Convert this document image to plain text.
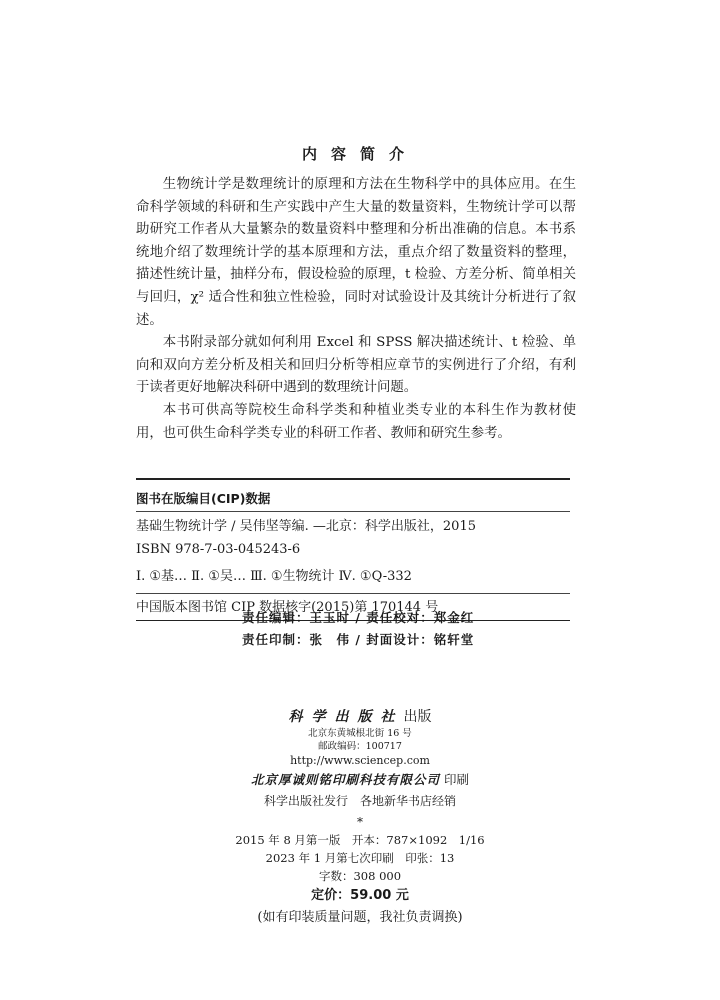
内容简介

生物统计学是数理统计的原理和方法在生物科学中的具体应用。在生命科学领域的科研和生产实践中产生大量的数量资料，生物统计学可以帮助研究工作者从大量繁杂的数量资料中整理和分析出准确的信息。本书系统地介绍了数理统计学的基本原理和方法，重点介绍了数量资料的整理，描述性统计量，抽样分布，假设检验的原理，t 检验、方差分析、简单相关与回归，χ² 适合性和独立性检验，同时对试验设计及其统计分析进行了叙述。

本书附录部分就如何利用 Excel 和 SPSS 解决描述统计、t 检验、单向和双向方差分析及相关和回归分析等相应章节的实例进行了介绍，有利于读者更好地解决科研中遇到的数理统计问题。

本书可供高等院校生命科学类和种植业类专业的本科生作为教材使用，也可供生命科学类专业的科研工作者、教师和研究生参考。

图书在版编目(CIP)数据
基础生物统计学 / 吴伟坚等编. —北京：科学出版社，2015
ISBN 978-7-03-045243-6
Ⅰ. ①基… Ⅱ. ①吴… Ⅲ. ①生物统计 Ⅳ. ①Q-332
中国版本图书馆 CIP 数据核字(2015)第 170144 号
责任编辑：王玉时 / 责任校对：郑金红
责任印制：张　伟 / 封面设计：铭轩堂
科学出版社出版
北京东黄城根北街 16 号
邮政编码：100717
http://www.sciencep.com
北京厚诚则铭印刷科技有限公司 印刷
科学出版社发行　各地新华书店经销
*
2015 年 8 月第一版　开本：787×1092　1/16
2023 年 1 月第七次印刷　印张：13
字数：308 000
定价：59.00 元
(如有印装质量问题，我社负责调换)
